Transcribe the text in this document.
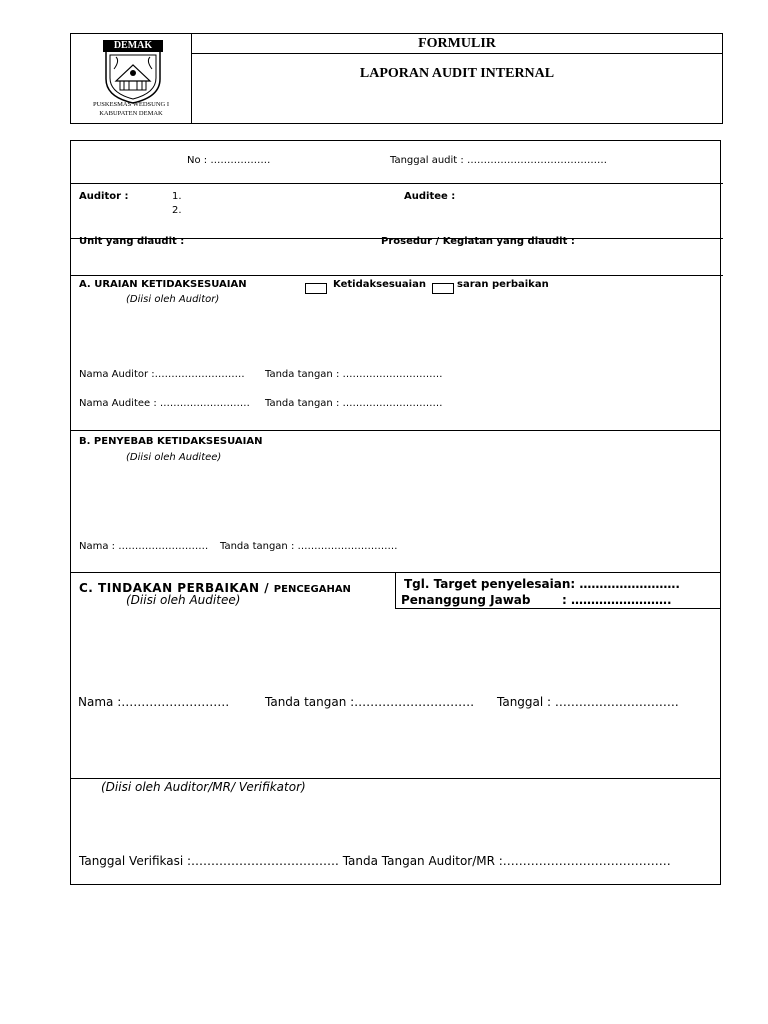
DEMAK
PUSKESMAS WEDSUNG I
KABUPATEN DEMAK
FORMULIR
LAPORAN AUDIT INTERNAL
No : ………………	Tanggal audit : ……………………………………
Auditor :	1.
2.
Auditee :
Unit yang diaudit :	Prosedur / Kegiatan yang diaudit :
A. URAIAN KETIDAKSESUAIAN
(Diisi oleh Auditor)
Ketidaksesuaian	saran perbaikan
Nama Auditor :……………………… Tanda tangan : …………………………
Nama Auditee : ……………………… Tanda tangan : …………………………
B. PENYEBAB KETIDAKSESUAIAN
(Diisi oleh Auditee)
Nama : ……………………… Tanda tangan : …………………………
C. TINDAKAN PERBAIKAN / PENCEGAHAN
(Diisi oleh Auditee)
Tgl. Target penyelesaian: …………………….
Penanggung Jawab	: …………………….
Nama :………………………	Tanda tangan :………………………… Tanggal : ………………………….
(Diisi oleh Auditor/MR/ Verifikator)
Tanggal Verifikasi :………………………………. Tanda Tangan Auditor/MR :……………………………………
